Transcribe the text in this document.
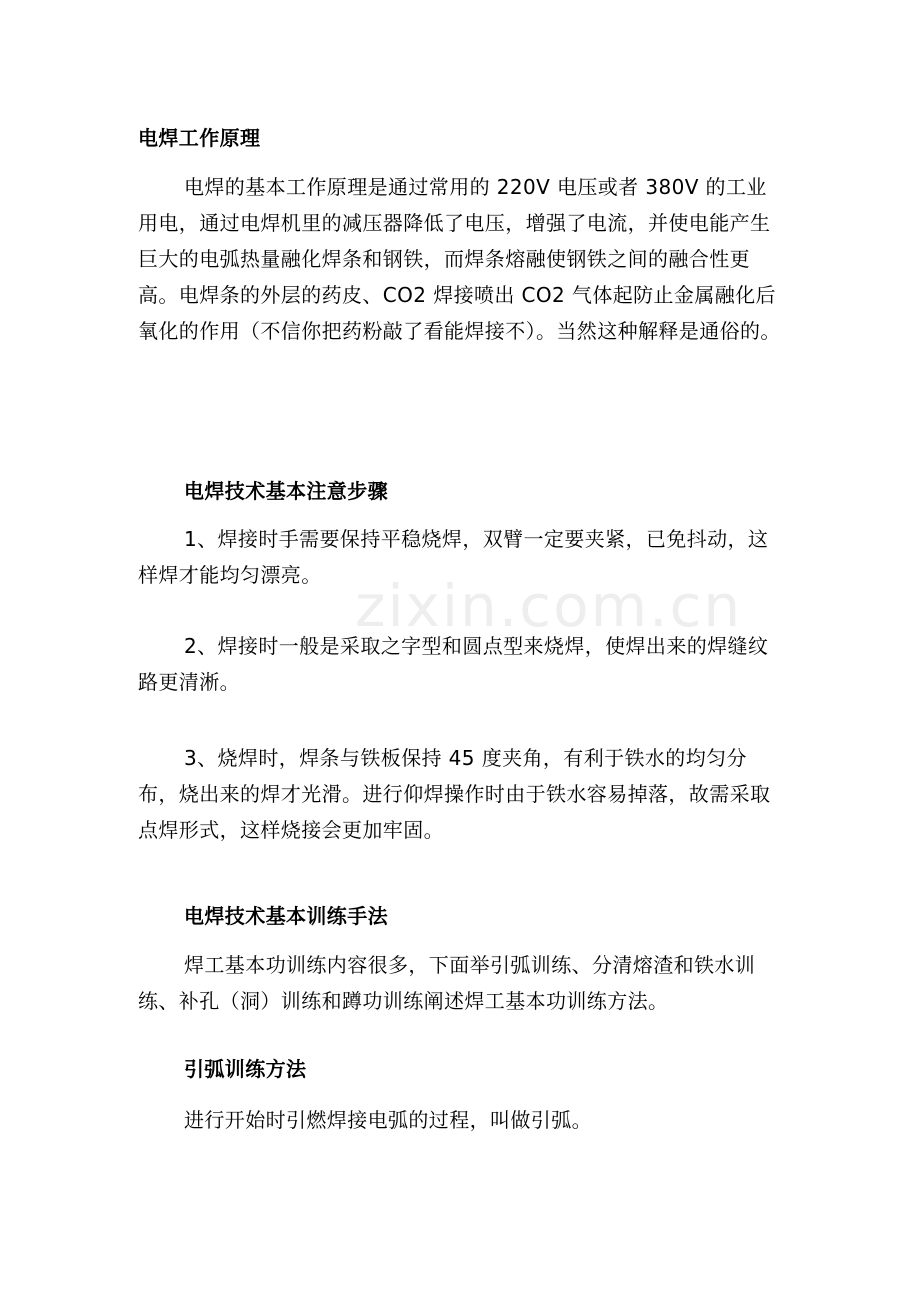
电焊工作原理
电焊的基本工作原理是通过常用的 220V 电压或者 380V 的工业用电，通过电焊机里的减压器降低了电压，增强了电流，并使电能产生巨大的电弧热量融化焊条和钢铁，而焊条熔融使钢铁之间的融合性更高。电焊条的外层的药皮、CO2 焊接喷出 CO2 气体起防止金属融化后氧化的作用（不信你把药粉敲了看能焊接不）。当然这种解释是通俗的。
电焊技术基本注意步骤
1、焊接时手需要保持平稳烧焊，双臂一定要夹紧，已免抖动，这样焊才能均匀漂亮。
2、焊接时一般是采取之字型和圆点型来烧焊，使焊出来的焊缝纹路更清淅。
3、烧焊时，焊条与铁板保持 45 度夹角，有利于铁水的均匀分布，烧出来的焊才光滑。进行仰焊操作时由于铁水容易掉落，故需采取点焊形式，这样烧接会更加牢固。
电焊技术基本训练手法
焊工基本功训练内容很多，下面举引弧训练、分清熔渣和铁水训练、补孔（洞）训练和蹲功训练阐述焊工基本功训练方法。
引弧训练方法
进行开始时引燃焊接电弧的过程，叫做引弧。
zixin.com.cn
